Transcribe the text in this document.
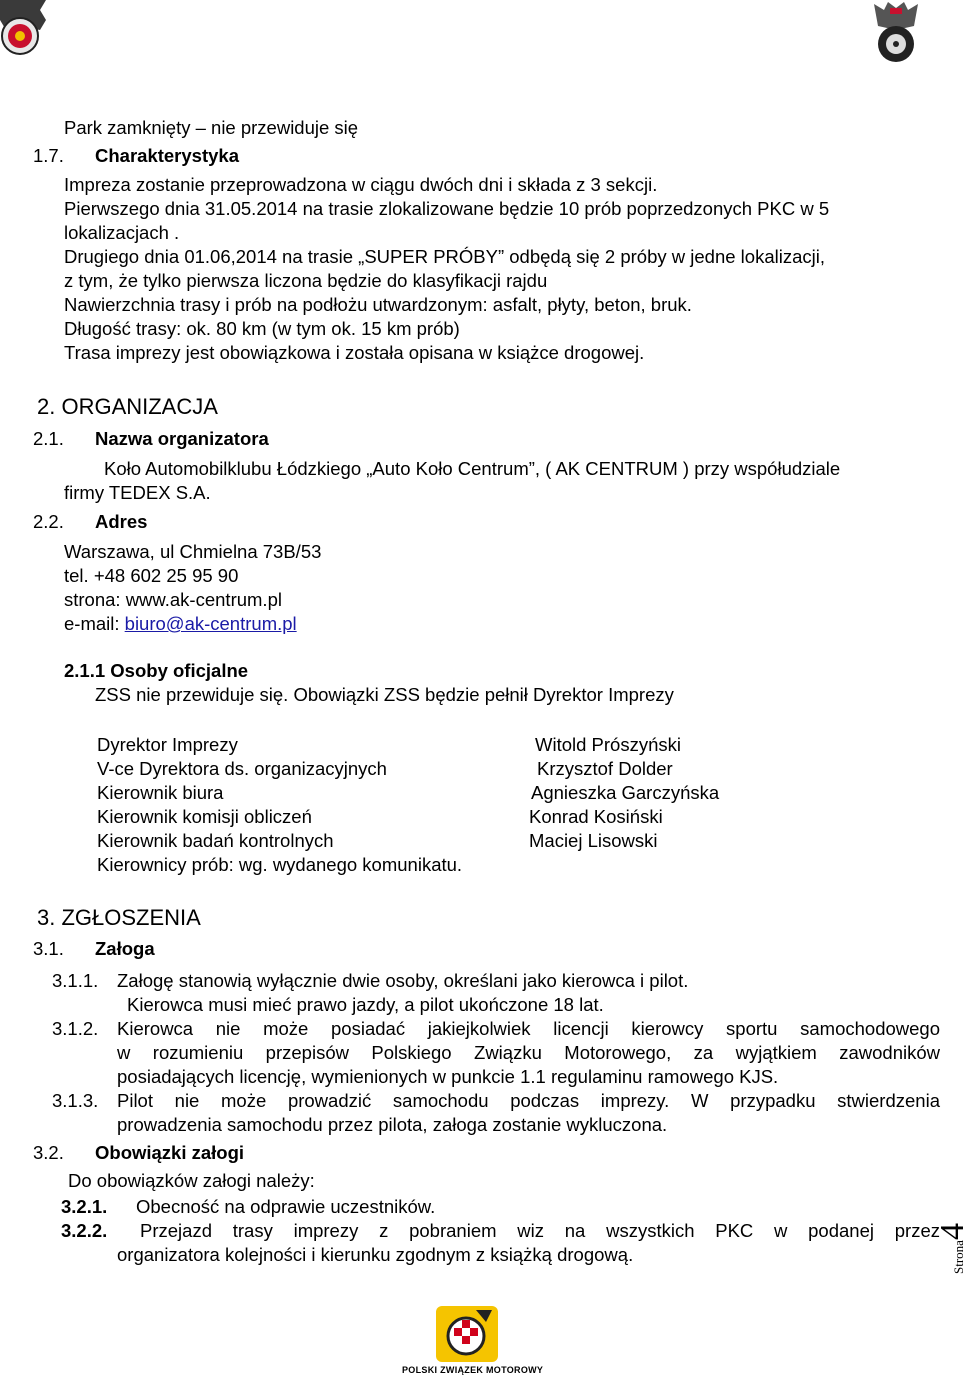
Park zamknięty – nie przewiduje się
1.7. Charakterystyka
Impreza zostanie przeprowadzona w ciągu dwóch dni i składa z 3 sekcji.
Pierwszego dnia 31.05.2014 na trasie zlokalizowane będzie 10 prób poprzedzonych PKC w 5
lokalizacjach .
Drugiego dnia 01.06,2014 na trasie „SUPER PRÓBY” odbędą się 2 próby w jedne lokalizacji,
z tym, że tylko pierwsza liczona będzie do klasyfikacji rajdu
Nawierzchnia trasy i prób na podłożu utwardzonym: asfalt, płyty, beton, bruk.
Długość trasy: ok. 80 km (w tym ok. 15 km prób)
Trasa imprezy jest obowiązkowa i została opisana w książce drogowej.
2. ORGANIZACJA
2.1. Nazwa organizatora
Koło Automobilklubu Łódzkiego „Auto Koło Centrum”, ( AK CENTRUM ) przy współudziale
firmy TEDEX S.A.
2.2. Adres
Warszawa, ul Chmielna 73B/53
tel. +48 602 25 95 90
strona: www.ak-centrum.pl
e-mail: biuro@ak-centrum.pl
2.1.1 Osoby oficjalne
ZSS nie przewiduje się. Obowiązki ZSS będzie pełnił Dyrektor Imprezy
Dyrektor Imprezy	Witold Prószyński
V-ce Dyrektora ds. organizacyjnych	Krzysztof Dolder
Kierownik biura	Agnieszka Garczyńska
Kierownik komisji obliczeń	Konrad Kosiński
Kierownik badań kontrolnych	Maciej Lisowski
Kierownicy prób: wg. wydanego komunikatu.
3. ZGŁOSZENIA
3.1. Załoga
3.1.1. Załogę stanowią wyłącznie dwie osoby, określani jako kierowca i pilot.
Kierowca musi mieć prawo jazdy, a pilot ukończone 18 lat.
3.1.2. Kierowca nie może posiadać jakiejkolwiek licencji kierowcy sportu samochodowego
w rozumieniu przepisów Polskiego Związku Motorowego, za wyjątkiem zawodników
posiadających licencję, wymienionych w punkcie 1.1 regulaminu ramowego KJS.
3.1.3. Pilot nie może prowadzić samochodu podczas imprezy. W przypadku stwierdzenia
prowadzenia samochodu przez pilota, załoga zostanie wykluczona.
3.2. Obowiązki załogi
Do obowiązków załogi należy:
3.2.1. Obecność na odprawie uczestników.
3.2.2. Przejazd trasy imprezy z pobraniem wiz na wszystkich PKC w podanej przez
organizatora kolejności i kierunku zgodnym z książką drogową.	Strona4
POLSKI ZWIĄZEK MOTOROWY
